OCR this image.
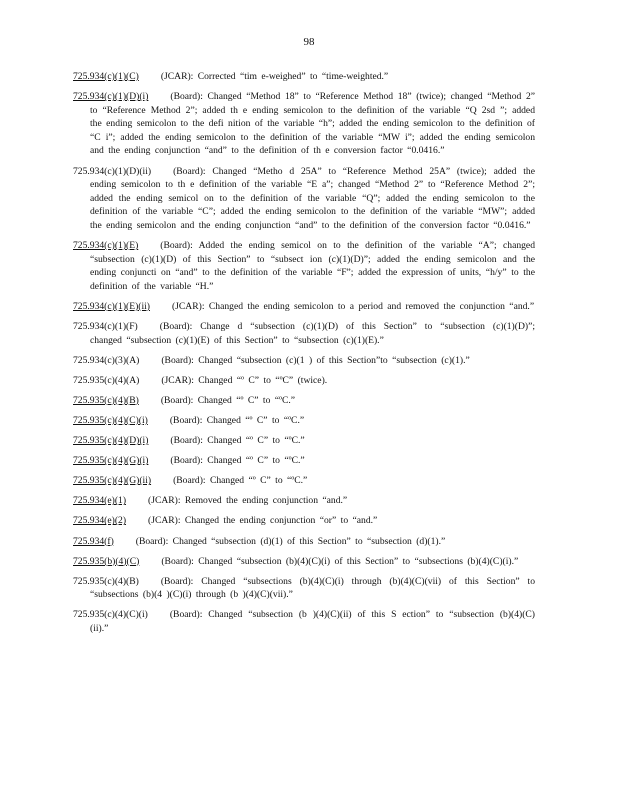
98

725.934(c)(1)(C) (JCAR): Corrected “tim e-weighed” to “time-weighted.”

725.934(c)(1)(D)(i) (Board): Changed “Method 18” to “Reference Method 18” (twice); changed “Method 2” to “Reference Method 2”; added th e ending semicolon to the definition of the variable “Q 2sd ”; added the ending semicolon to the defi nition of the variable “h”; added the ending semicolon to the definition of “C i”; added the ending semicolon to the definition of the variable “MW i”; added the ending semicolon and the ending conjunction “and” to the definition of th e conversion factor “0.0416.”

725.934(c)(1)(D)(ii) (Board): Changed “Metho d 25A” to “Reference Method 25A” (twice); added the ending semicolon to th e definition of the variable “E a”; changed “Method 2” to “Reference Method 2”; added the ending semicol on to the definition of the variable “Q”; added the ending semicolon to the definition of the variable “C”; added the ending semicolon to the definition of the variable “MW”; added the ending semicolon and the ending conjunction “and” to the definition of the conversion factor “0.0416.”

725.934(c)(1)(E) (Board): Added the ending semicol on to the definition of the variable “A”; changed “subsection (c)(1)(D) of this Section” to “subsect ion (c)(1)(D)”; added the ending semicolon and the ending conjuncti on “and” to the definition of the variable “F”; added the expression of units, “h/y” to the definition of the variable “H.”

725.934(c)(1)(E)(ii) (JCAR): Changed the ending semicolon to a period and removed the conjunction “and.”

725.934(c)(1)(F) (Board): Change d “subsection (c)(1)(D) of this Section” to “subsection (c)(1)(D)”; changed “subsection (c)(1)(E) of this Section” to “subsection (c)(1)(E).”

725.934(c)(3)(A) (Board): Changed “subsection (c)(1 ) of this Section”to “subsection (c)(1).”

725.935(c)(4)(A) (JCAR): Changed “º C” to “ºC” (twice).

725.935(c)(4)(B) (Board): Changed “º C” to “ºC.”

725.935(c)(4)(C)(i) (Board): Changed “º C” to “ºC.”

725.935(c)(4)(D)(i) (Board): Changed “º C” to “ºC.”

725.935(c)(4)(G)(i) (Board): Changed “º C” to “ºC.”

725.935(c)(4)(G)(ii) (Board): Changed “º C” to “ºC.”

725.934(e)(1) (JCAR): Removed the ending conjunction “and.”

725.934(e)(2) (JCAR): Changed the ending conjunction “or” to “and.”

725.934(f) (Board): Changed “subsection (d)(1) of this Section” to “subsection (d)(1).”

725.935(b)(4)(C) (Board): Changed “subsection (b)(4)(C)(i) of this Section” to “subsections (b)(4)(C)(i).”

725.935(c)(4)(B) (Board): Changed “subsections (b)(4)(C)(i) through (b)(4)(C)(vii) of this Section” to “subsections (b)(4 )(C)(i) through (b )(4)(C)(vii).”

725.935(c)(4)(C)(i) (Board): Changed “subsection (b )(4)(C)(ii) of this S ection” to “subsection (b)(4)(C)(ii).”
